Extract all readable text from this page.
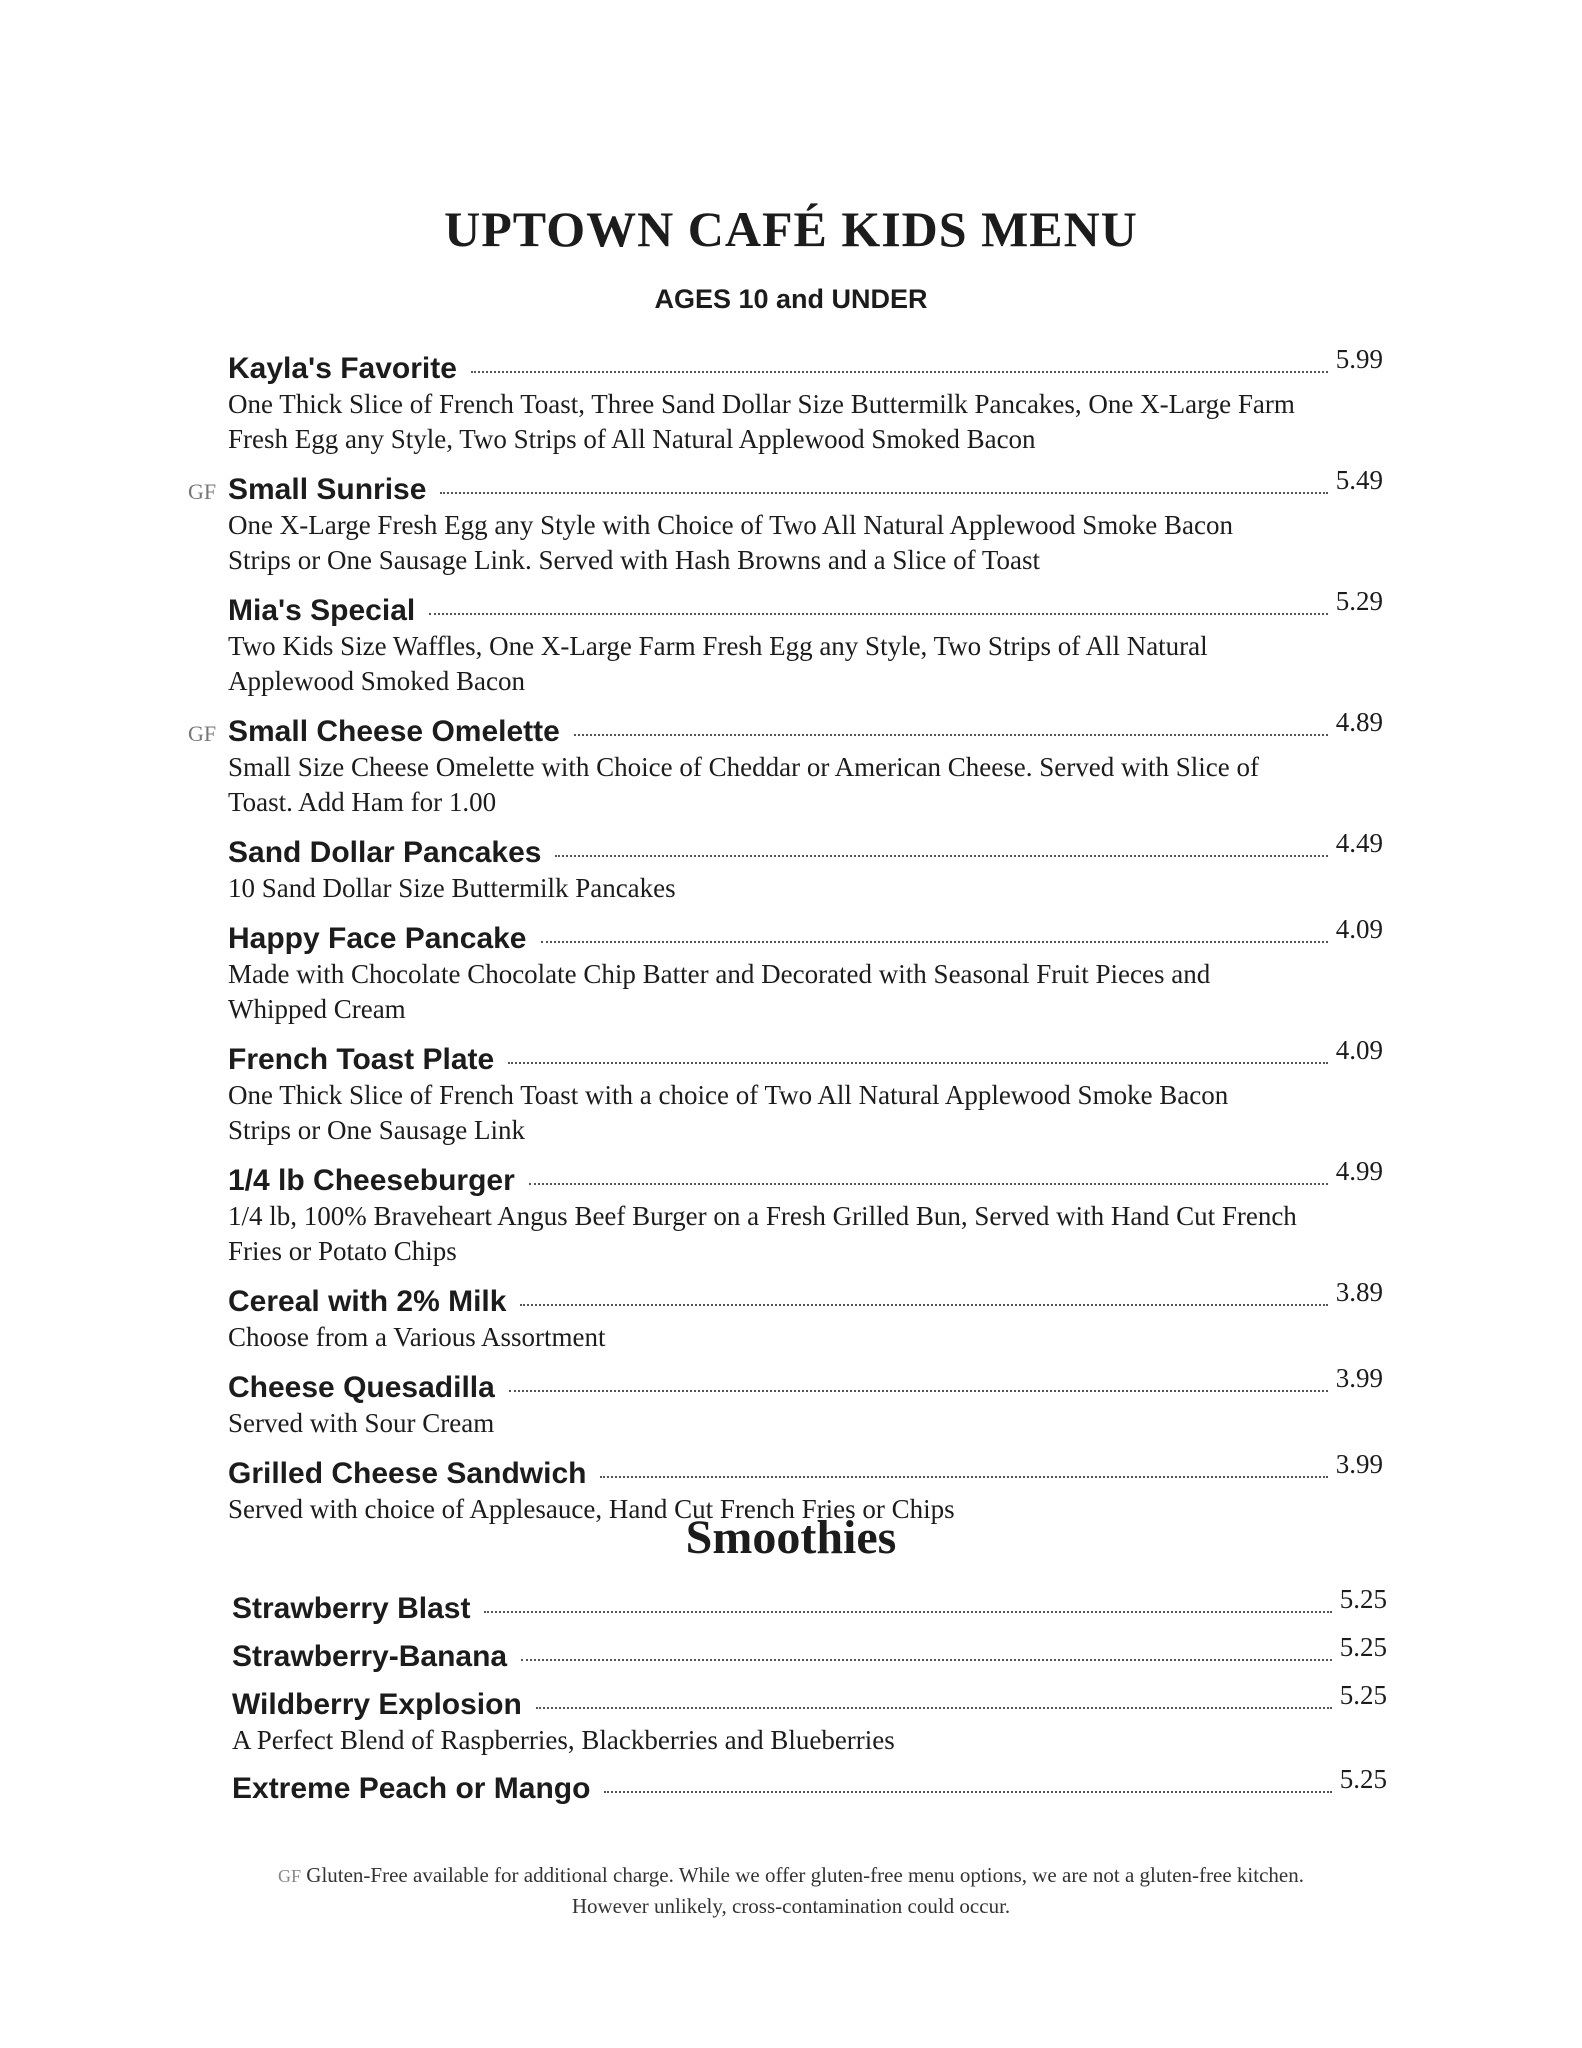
UPTOWN CAFÉ KIDS MENU
AGES 10 and UNDER
Kayla's Favorite	5.99
One Thick Slice of French Toast, Three Sand Dollar Size Buttermilk Pancakes, One X-Large Farm Fresh Egg any Style, Two Strips of All Natural Applewood Smoked Bacon
GF Small Sunrise	5.49
One X-Large Fresh Egg any Style with Choice of Two All Natural Applewood Smoke Bacon Strips or One Sausage Link. Served with Hash Browns and a Slice of Toast
Mia's Special	5.29
Two Kids Size Waffles, One X-Large Farm Fresh Egg any Style, Two Strips of All Natural Applewood Smoked Bacon
GF Small Cheese Omelette	4.89
Small Size Cheese Omelette with Choice of Cheddar or American Cheese. Served with Slice of Toast. Add Ham for 1.00
Sand Dollar Pancakes	4.49
10 Sand Dollar Size Buttermilk Pancakes
Happy Face Pancake	4.09
Made with Chocolate Chocolate Chip Batter and Decorated with Seasonal Fruit Pieces and Whipped Cream
French Toast Plate	4.09
One Thick Slice of French Toast with a choice of Two All Natural Applewood Smoke Bacon Strips or One Sausage Link
1/4 lb Cheeseburger	4.99
1/4 lb, 100% Braveheart Angus Beef Burger on a Fresh Grilled Bun, Served with Hand Cut French Fries or Potato Chips
Cereal with 2% Milk	3.89
Choose from a Various Assortment
Cheese Quesadilla	3.99
Served with Sour Cream
Grilled Cheese Sandwich	3.99
Served with choice of Applesauce, Hand Cut French Fries or Chips
Smoothies
Strawberry Blast	5.25
Strawberry-Banana	5.25
Wildberry Explosion	5.25
A Perfect Blend of Raspberries, Blackberries and Blueberries
Extreme Peach or Mango	5.25
GF Gluten-Free available for additional charge. While we offer gluten-free menu options, we are not a gluten-free kitchen.
However unlikely, cross-contamination could occur.
